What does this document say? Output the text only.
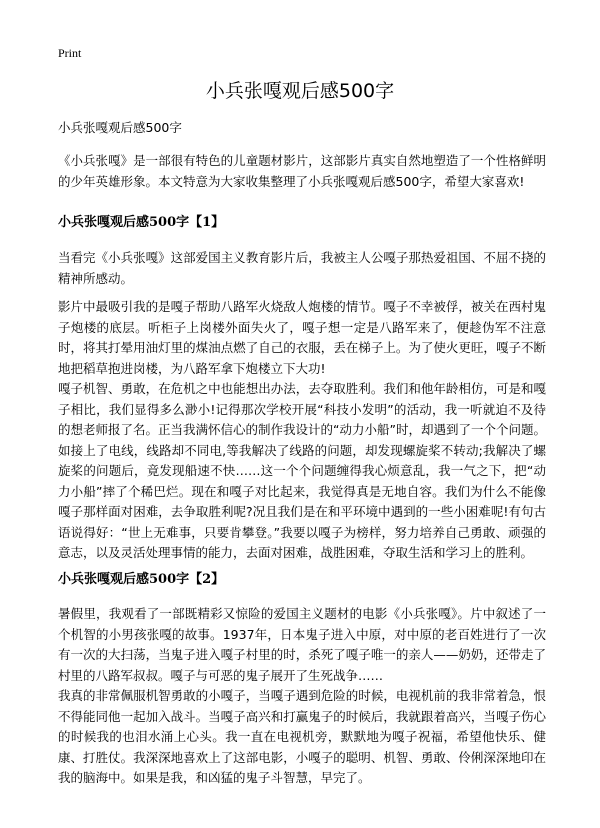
Print
小兵张嘎观后感500字

小兵张嘎观后感500字

《小兵张嘎》是一部很有特色的儿童题材影片，这部影片真实自然地塑造了一个性格鲜明的少年英雄形象。本文特意为大家收集整理了小兵张嘎观后感500字，希望大家喜欢!

小兵张嘎观后感500字【1】

当看完《小兵张嘎》这部爱国主义教育影片后，我被主人公嘎子那热爱祖国、不屈不挠的精神所感动。

影片中最吸引我的是嘎子帮助八路军火烧敌人炮楼的情节。嘎子不幸被俘，被关在西村鬼子炮楼的底层。听柜子上岗楼外面失火了，嘎子想一定是八路军来了，便趁伪军不注意时，将其打晕用油灯里的煤油点燃了自己的衣服，丢在梯子上。为了使火更旺，嘎子不断地把稻草抱进岗楼，为八路军拿下炮楼立下大功!

嘎子机智、勇敢，在危机之中也能想出办法，去夺取胜利。我们和他年龄相仿，可是和嘎子相比，我们显得多么渺小!记得那次学校开展“科技小发明”的活动，我一听就迫不及待的想老师报了名。正当我满怀信心的制作我设计的“动力小船”时，却遇到了一个个问题。如接上了电线，线路却不同电,等我解决了线路的问题，却发现螺旋桨不转动;我解决了螺旋桨的问题后，竟发现船速不快……这一个个问题缠得我心烦意乱，我一气之下，把“动力小船”摔了个稀巴烂。现在和嘎子对比起来，我觉得真是无地自容。我们为什么不能像嘎子那样面对困难，去争取胜利呢?况且我们是在和平环境中遇到的一些小困难呢!有句古语说得好：“世上无难事，只要肯攀登。”我要以嘎子为榜样，努力培养自己勇敢、顽强的意志，以及灵活处理事情的能力，去面对困难，战胜困难，夺取生活和学习上的胜利。

小兵张嘎观后感500字【2】

暑假里，我观看了一部既精彩又惊险的爱国主义题材的电影《小兵张嘎》。片中叙述了一个机智的小男孩张嘎的故事。1937年，日本鬼子进入中原，对中原的老百姓进行了一次有一次的大扫荡，当鬼子进入嘎子村里的时，杀死了嘎子唯一的亲人——奶奶，还带走了村里的八路军叔叔。嘎子与可恶的鬼子展开了生死战争……

我真的非常佩服机智勇敢的小嘎子，当嘎子遇到危险的时候，电视机前的我非常着急，恨不得能同他一起加入战斗。当嘎子高兴和打赢鬼子的时候后，我就跟着高兴，当嘎子伤心的时候我的也泪水涌上心头。我一直在电视机旁，默默地为嘎子祝福，希望他快乐、健康、打胜仗。我深深地喜欢上了这部电影，小嘎子的聪明、机智、勇敢、伶俐深深地印在我的脑海中。如果是我，和凶猛的鬼子斗智慧，早完了。
